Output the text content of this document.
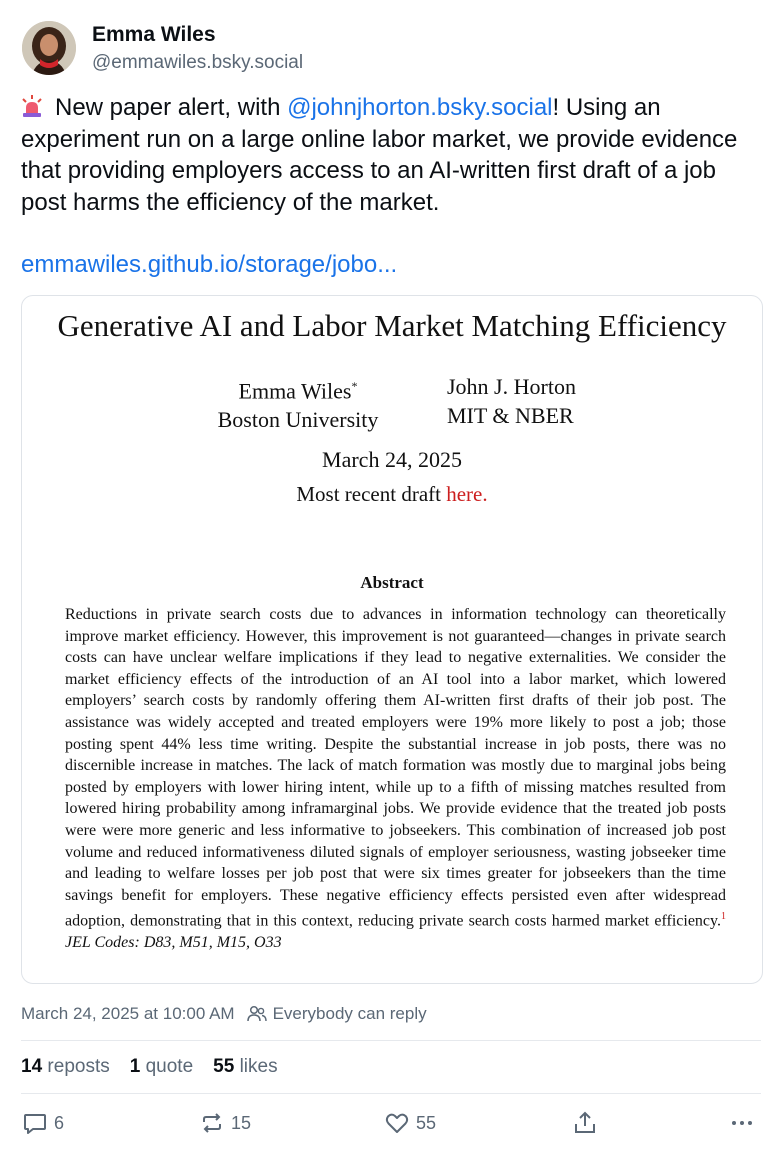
Emma Wiles
@emmawiles.bsky.social
New paper alert, with @johnjhorton.bsky.social! Using an experiment run on a large online labor market, we provide evidence that providing employers access to an AI-written first draft of a job post harms the efficiency of the market.
emmawiles.github.io/storage/jobo...
Generative AI and Labor Market Matching Efficiency
Emma Wiles*
Boston University
John J. Horton
MIT & NBER
March 24, 2025
Most recent draft here.
Abstract
Reductions in private search costs due to advances in information technology can theoretically improve market efficiency. However, this improvement is not guaranteed—changes in private search costs can have unclear welfare implications if they lead to negative externalities. We consider the market efficiency effects of the introduction of an AI tool into a labor market, which lowered employers’ search costs by randomly offering them AI-written first drafts of their job post. The assistance was widely accepted and treated employers were 19% more likely to post a job; those posting spent 44% less time writing. Despite the substantial increase in job posts, there was no discernible increase in matches. The lack of match formation was mostly due to marginal jobs being posted by employers with lower hiring intent, while up to a fifth of missing matches resulted from lowered hiring probability among inframarginal jobs. We provide evidence that the treated job posts were were more generic and less informative to jobseekers. This combination of increased job post volume and reduced informativeness diluted signals of employer seriousness, wasting jobseeker time and leading to welfare losses per job post that were six times greater for jobseekers than the time savings benefit for employers. These negative efficiency effects persisted even after widespread adoption, demonstrating that in this context, reducing private search costs harmed market efficiency.$^1$ JEL Codes: D83, M51, M15, O33
March 24, 2025 at 10:00 AM Everybody can reply
14 reposts 1 quote 55 likes
6	15	55
